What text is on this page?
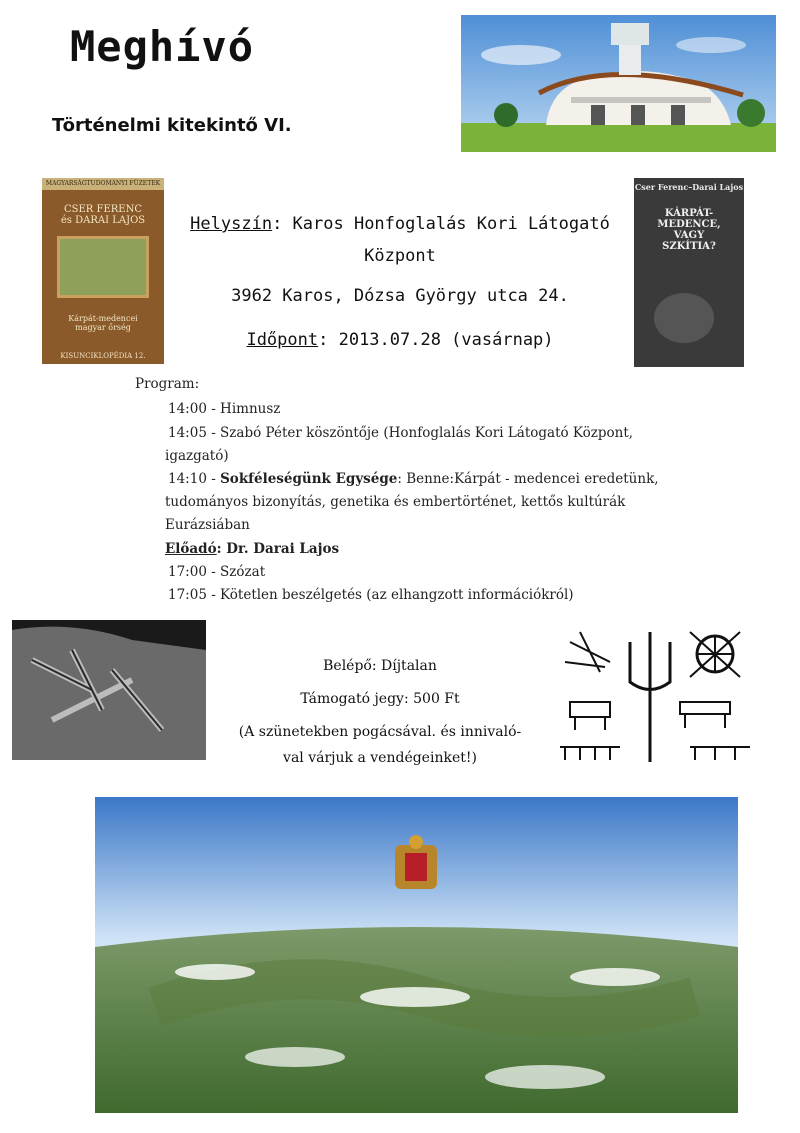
Meghívó
Történelmi kitekintő VI.
MAGYARSÁGTUDOMÁNYI FÜZETEK
CSER FERENC
és DARAI LAJOS
Kárpát-medencei
magyar őrség
KISUNCIKLOPÉDIA 12.
Cser Ferenc–Darai Lajos
KÁRPÁT-MEDENCE,
VAGY
SZKÍTIA?
Helyszín: Karos Honfoglalás Kori Látogató
Központ
3962 Karos, Dózsa György utca 24.
Időpont: 2013.07.28 (vasárnap)
Program:
14:00 - Himnusz
14:05 - Szabó Péter köszöntője (Honfoglalás Kori Látogató Központ,
igazgató)
14:10 - Sokféleségünk Egysége: Benne:Kárpát - medencei eredetünk,
tudományos bizonyítás, genetika és embertörténet, kettős kultúrák
Eurázsiában
Előadó: Dr. Darai Lajos
17:00 - Szózat
17:05 - Kötetlen beszélgetés (az elhangzott információkról)
Belépő: Díjtalan
Támogató jegy: 500 Ft
(A szünetekben pogácsával. és innivaló-
val várjuk a vendégeinket!)
